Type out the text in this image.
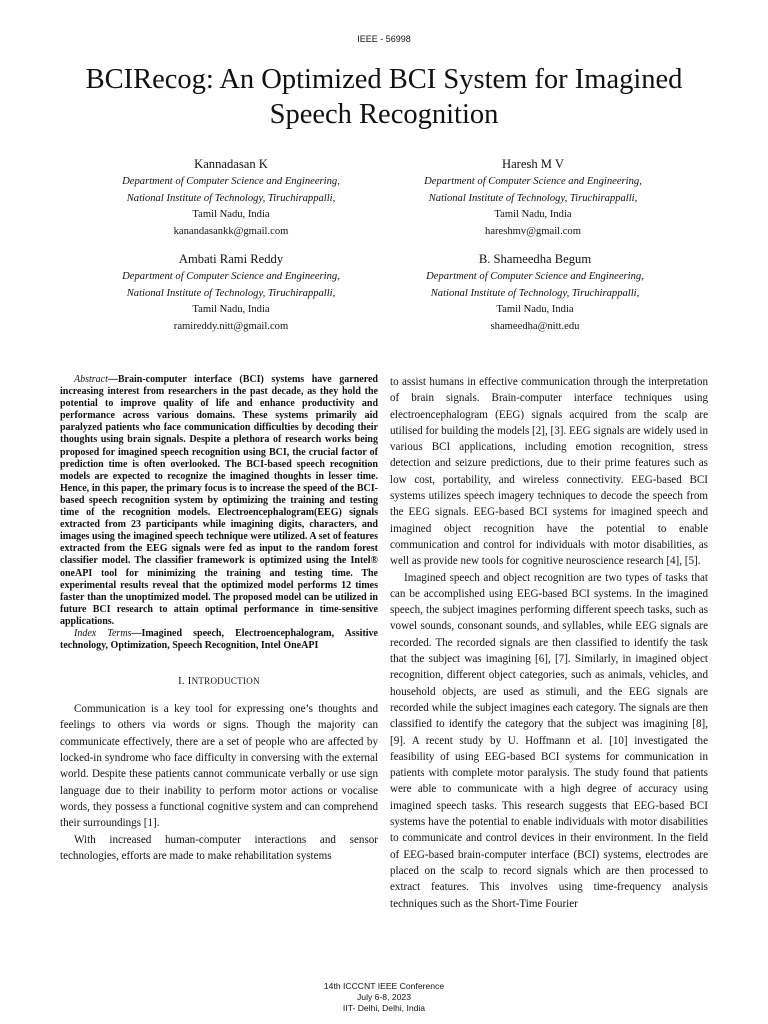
IEEE - 56998
BCIRecog: An Optimized BCI System for Imagined
Speech Recognition
Kannadasan K
Department of Computer Science and Engineering,
National Institute of Technology, Tiruchirappalli,
Tamil Nadu, India
kanandasankk@gmail.com
Haresh M V
Department of Computer Science and Engineering,
National Institute of Technology, Tiruchirappalli,
Tamil Nadu, India
hareshmv@gmail.com
Ambati Rami Reddy
Department of Computer Science and Engineering,
National Institute of Technology, Tiruchirappalli,
Tamil Nadu, India
ramireddy.nitt@gmail.com
B. Shameedha Begum
Department of Computer Science and Engineering,
National Institute of Technology, Tiruchirappalli,
Tamil Nadu, India
shameedha@nitt.edu

Abstract—Brain-computer interface (BCI) systems have garnered increasing interest from researchers in the past decade, as they hold the potential to improve quality of life and enhance productivity and performance across various domains. These systems primarily aid paralyzed patients who face communication difficulties by decoding their thoughts using brain signals. Despite a plethora of research works being proposed for imagined speech recognition using BCI, the crucial factor of prediction time is often overlooked. The BCI-based speech recognition models are expected to recognize the imagined thoughts in lesser time. Hence, in this paper, the primary focus is to increase the speed of the BCI-based speech recognition system by optimizing the training and testing time of the recognition models. Electroencephalogram(EEG) signals extracted from 23 participants while imagining digits, characters, and images using the imagined speech technique were utilized. A set of features extracted from the EEG signals were fed as input to the random forest classifier model. The classifier framework is optimized using the Intel® oneAPI tool for minimizing the training and testing time. The experimental results reveal that the optimized model performs 12 times faster than the unoptimized model. The proposed model can be utilized in future BCI research to attain optimal performance in time-sensitive applications.

Index Terms—Imagined speech, Electroencephalogram, Assitive technology, Optimization, Speech Recognition, Intel OneAPI

I. INTRODUCTION

Communication is a key tool for expressing one’s thoughts and feelings to others via words or signs. Though the majority can communicate effectively, there are a set of people who are affected by locked-in syndrome who face difficulty in conversing with the external world. Despite these patients cannot communicate verbally or use sign language due to their inability to perform motor actions or vocalise words, they possess a functional cognitive system and can comprehend their surroundings [1].

With increased human-computer interactions and sensor technologies, efforts are made to make rehabilitation systems

to assist humans in effective communication through the interpretation of brain signals. Brain-computer interface techniques using electroencephalogram (EEG) signals acquired from the scalp are utilised for building the models [2], [3]. EEG signals are widely used in various BCI applications, including emotion recognition, stress detection and seizure predictions, due to their prime features such as low cost, portability, and wireless connectivity. EEG-based BCI systems utilizes speech imagery techniques to decode the speech from the EEG signals. EEG-based BCI systems for imagined speech and imagined object recognition have the potential to enable communication and control for individuals with motor disabilities, as well as provide new tools for cognitive neuroscience research [4], [5].

Imagined speech and object recognition are two types of tasks that can be accomplished using EEG-based BCI systems. In the imagined speech, the subject imagines performing different speech tasks, such as vowel sounds, consonant sounds, and syllables, while EEG signals are recorded. The recorded signals are then classified to identify the task that the subject was imagining [6], [7]. Similarly, in imagined object recognition, different object categories, such as animals, vehicles, and household objects, are used as stimuli, and the EEG signals are recorded while the subject imagines each category. The signals are then classified to identify the category that the subject was imagining [8], [9]. A recent study by U. Hoffmann et al. [10] investigated the feasibility of using EEG-based BCI systems for communication in patients with complete motor paralysis. The study found that patients were able to communicate with a high degree of accuracy using imagined speech tasks. This research suggests that EEG-based BCI systems have the potential to enable individuals with motor disabilities to communicate and control devices in their environment. In the field of EEG-based brain-computer interface (BCI) systems, electrodes are placed on the scalp to record signals which are then processed to extract features. This involves using time-frequency analysis techniques such as the Short-Time Fourier

14th ICCCNT IEEE Conference
July 6-8, 2023
IIT- Delhi, Delhi, India
